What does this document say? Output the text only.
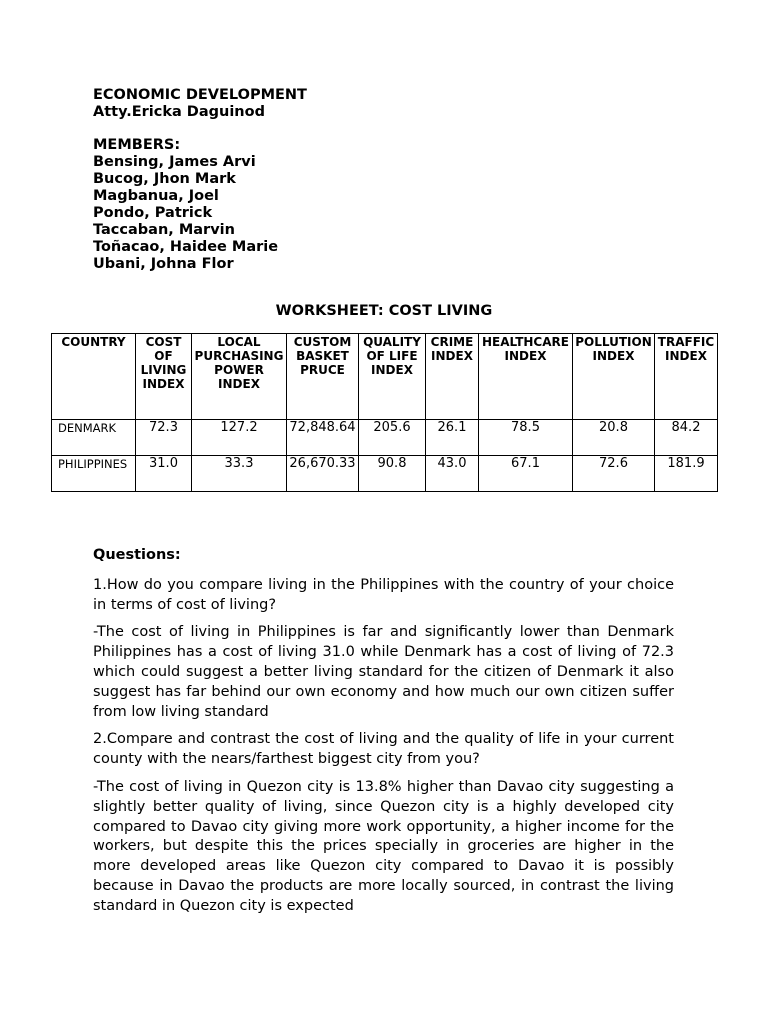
ECONOMIC DEVELOPMENT
Atty.Ericka Daguinod
MEMBERS:
Bensing, James Arvi
Bucog, Jhon Mark
Magbanua, Joel
Pondo, Patrick
Taccaban, Marvin
Toñacao, Haidee Marie
Ubani, Johna Flor
WORKSHEET: COST LIVING
COUNTRY	COST OF LIVING INDEX	LOCAL PURCHASING POWER INDEX	CUSTOM BASKET PRUCE	QUALITY OF LIFE INDEX	CRIME INDEX	HEALTHCARE INDEX	POLLUTION INDEX	TRAFFIC INDEX
DENMARK	72.3	127.2	72,848.64	205.6	26.1	78.5	20.8	84.2
PHILIPPINES	31.0	33.3	26,670.33	90.8	43.0	67.1	72.6	181.9

Questions:

1.How do you compare living in the Philippines with the country of your choice in terms of cost of living?

-The cost of living in Philippines is far and significantly lower than Denmark Philippines has a cost of living 31.0 while Denmark has a cost of living of 72.3 which could suggest a better living standard for the citizen of Denmark it also suggest has far behind our own economy and how much our own citizen suffer from low living standard

2.Compare and contrast the cost of living and the quality of life in your current county with the nears/farthest biggest city from you?

-The cost of living in Quezon city is 13.8% higher than Davao city suggesting a slightly better quality of living, since Quezon city is a highly developed city compared to Davao city giving more work opportunity, a higher income for the workers, but despite this the prices specially in groceries are higher in the more developed areas like Quezon city compared to Davao it is possibly because in Davao the products are more locally sourced, in contrast the living standard in Quezon city is expected
